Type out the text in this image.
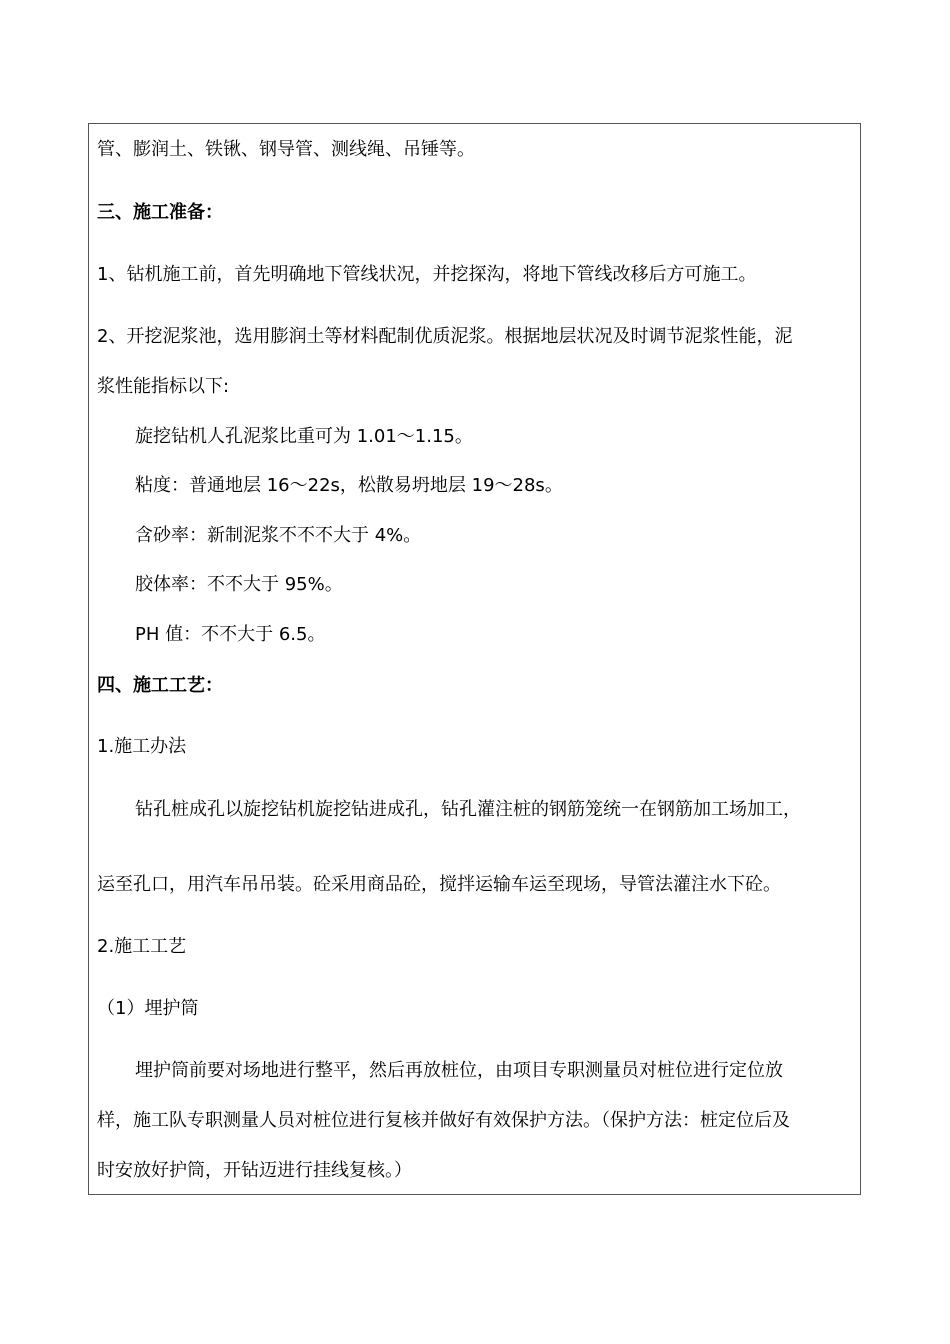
管、膨润土、铁锹、钢导管、测线绳、吊锤等。
三、施工准备：
1、钻机施工前，首先明确地下管线状况，并挖探沟，将地下管线改移后方可施工。
2、开挖泥浆池，选用膨润土等材料配制优质泥浆。根据地层状况及时调节泥浆性能，泥
浆性能指标以下:
旋挖钻机人孔泥浆比重可为 1.01～1.15。
粘度：普通地层 16～22s，松散易坍地层 19～28s。
含砂率：新制泥浆不不不大于 4%。
胶体率：不不大于 95%。
PH 值：不不大于 6.5。
四、施工工艺：
1.施工办法
钻孔桩成孔以旋挖钻机旋挖钻进成孔，钻孔灌注桩的钢筋笼统一在钢筋加工场加工，
运至孔口，用汽车吊吊装。砼采用商品砼，搅拌运输车运至现场，导管法灌注水下砼。
2.施工工艺
（1）埋护筒
埋护筒前要对场地进行整平，然后再放桩位，由项目专职测量员对桩位进行定位放
样，施工队专职测量人员对桩位进行复核并做好有效保护方法。（保护方法：桩定位后及
时安放好护筒，开钻迈进行挂线复核。）
